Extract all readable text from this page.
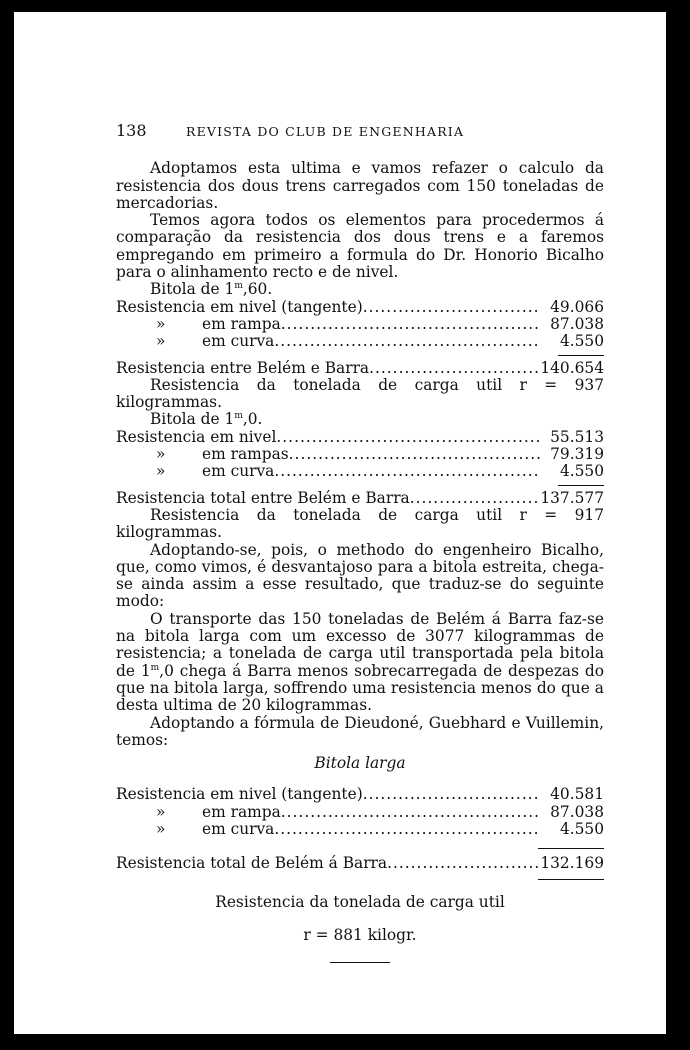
138	REVISTA DO CLUB DE ENGENHARIA

Adoptamos esta ultima e vamos refazer o calculo da resistencia dos dous trens carregados com 150 toneladas de mercadorias.

Temos agora todos os elementos para procedermos á comparação da resistencia dos dous trens e a faremos empregando em primeiro a formula do Dr. Honorio Bicalho para o alinhamento recto e de nivel.

Bitola de 1$^m$,60.

Resistencia em nivel (tangente) .....	49.066
» em rampa .....	87.038
» em curva .....	4.550
Resistencia entre Belém e Barra .....	140.654

Resistencia da tonelada de carga util r = 937 kilogrammas.

Bitola de 1$^m$,0.

Resistencia em nivel .....	55.513
» em rampas .....	79.319
» em curva .....	4.550
Resistencia total entre Belém e Barra .....	137.577

Resistencia da tonelada de carga util r = 917 kilogrammas.

Adoptando-se, pois, o methodo do engenheiro Bicalho, que, como vimos, é desvantajoso para a bitola estreita, chega-se ainda assim a esse resultado, que traduz-se do seguinte modo:

O transporte das 150 toneladas de Belém á Barra faz-se na bitola larga com um excesso de 3077 kilogrammas de resistencia; a tonelada de carga util transportada pela bitola de 1$^m$,0 chega á Barra menos sobrecarregada de despezas do que na bitola larga, soffrendo uma resistencia menos do que a desta ultima de 20 kilogrammas.

Adoptando a fórmula de Dieudoné, Guebhard e Vuillemin, temos:

Bitola larga
Resistencia em nivel (tangente) .....	40.581
» em rampa .....	87.038
» em curva .....	4.550
Resistencia total de Belém á Barra .....	132.169
Resistencia da tonelada de carga util
r = 881 kilogr.
